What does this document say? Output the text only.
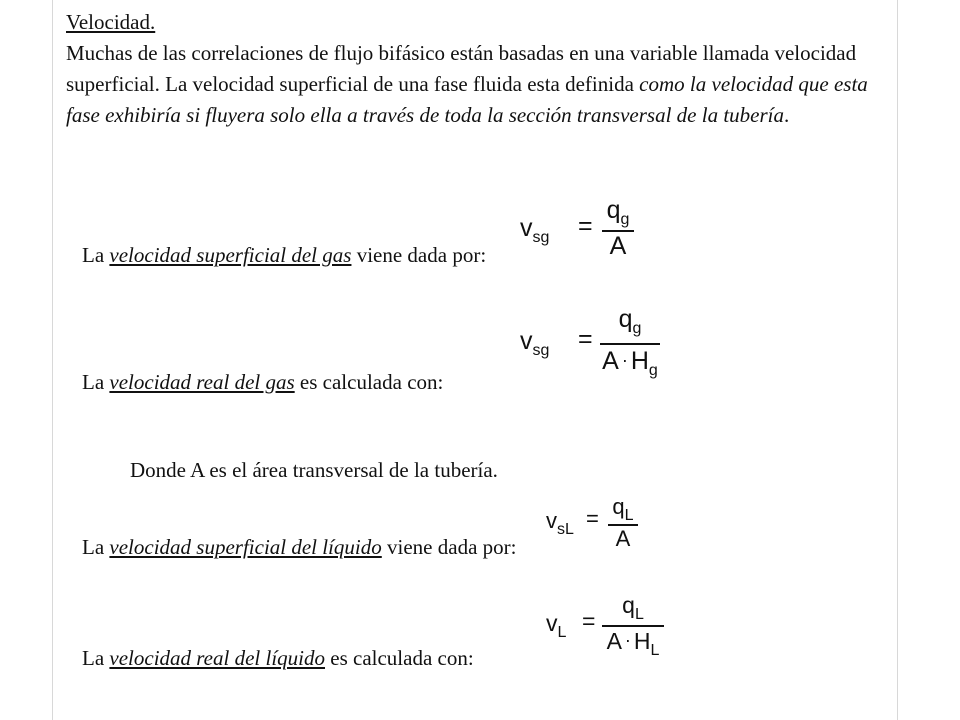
Velocidad.
Muchas de las correlaciones de flujo bifásico están basadas en una variable llamada velocidad superficial. La velocidad superficial de una fase fluida esta definida como la velocidad que esta fase exhibiría si fluyera solo ella a través de toda la sección transversal de la tubería.
La velocidad superficial del gas viene dada por:
$v_{sg}$ =
$q_g$
A
La velocidad real del gas es calculada con:
$v_{sg}$ =
$q_g$
$A \cdot H_g$
Donde A es el área transversal de la tubería.
La velocidad superficial del líquido viene dada por:
$v_{sL} = q_L$
A
La velocidad real del líquido es calculada con:
$v_L$ =
$q_L$
$A \cdot H_L$
